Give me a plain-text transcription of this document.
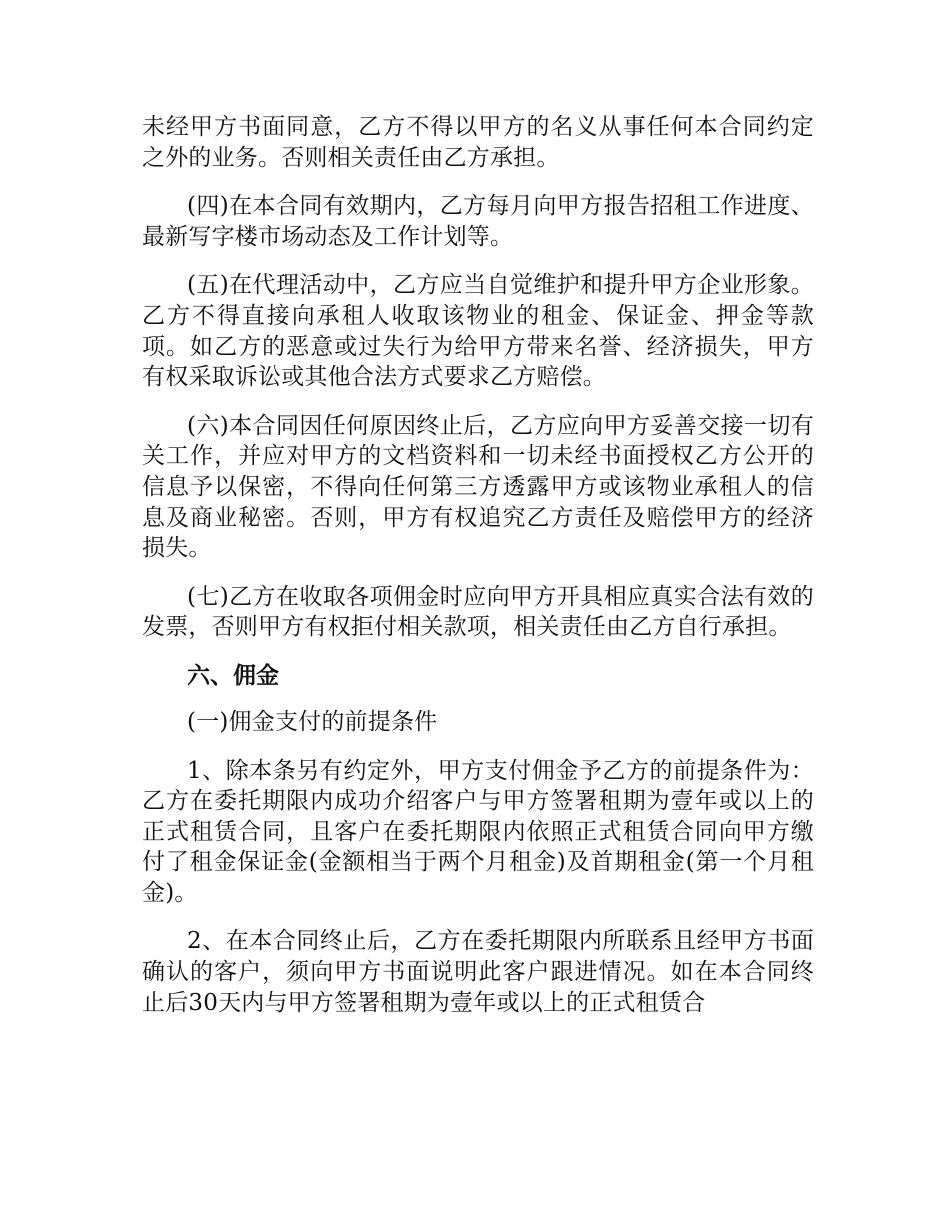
未经甲方书面同意，乙方不得以甲方的名义从事任何本合同约定之外的业务。否则相关责任由乙方承担。

(四)在本合同有效期内，乙方每月向甲方报告招租工作进度、最新写字楼市场动态及工作计划等。

(五)在代理活动中，乙方应当自觉维护和提升甲方企业形象。乙方不得直接向承租人收取该物业的租金、保证金、押金等款项。如乙方的恶意或过失行为给甲方带来名誉、经济损失，甲方有权采取诉讼或其他合法方式要求乙方赔偿。

(六)本合同因任何原因终止后，乙方应向甲方妥善交接一切有关工作，并应对甲方的文档资料和一切未经书面授权乙方公开的信息予以保密，不得向任何第三方透露甲方或该物业承租人的信息及商业秘密。否则，甲方有权追究乙方责任及赔偿甲方的经济损失。

(七)乙方在收取各项佣金时应向甲方开具相应真实合法有效的发票，否则甲方有权拒付相关款项，相关责任由乙方自行承担。

六、佣金

(一)佣金支付的前提条件

1、除本条另有约定外，甲方支付佣金予乙方的前提条件为：乙方在委托期限内成功介绍客户与甲方签署租期为壹年或以上的正式租赁合同，且客户在委托期限内依照正式租赁合同向甲方缴付了租金保证金(金额相当于两个月租金)及首期租金(第一个月租金)。

2、在本合同终止后，乙方在委托期限内所联系且经甲方书面确认的客户，须向甲方书面说明此客户跟进情况。如在本合同终止后30天内与甲方签署租期为壹年或以上的正式租赁合
